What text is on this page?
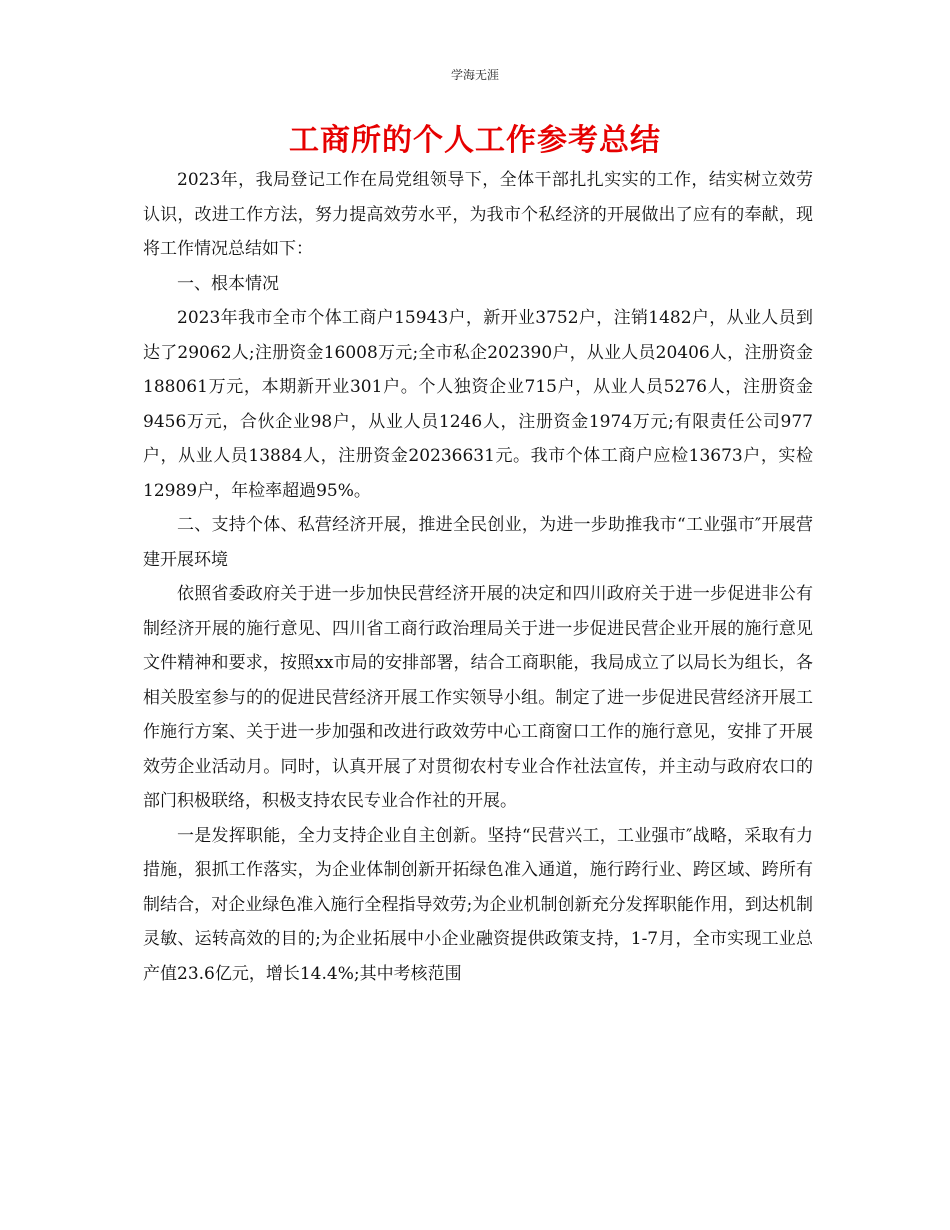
学海无涯
工商所的个人工作参考总结

2023年，我局登记工作在局党组领导下，全体干部扎扎实实的工作，结实树立效劳认识，改进工作方法，努力提高效劳水平，为我市个私经济的开展做出了应有的奉献，现将工作情况总结如下：

一、根本情况

2023年我市全市个体工商户15943户，新开业3752户，注销1482户，从业人员到达了29062人;注册资金16008万元;全市私企202390户，从业人员20406人，注册资金188061万元，本期新开业301户。个人独资企业715户，从业人员5276人，注册资金9456万元，合伙企业98户，从业人员1246人，注册资金1974万元;有限责任公司977户，从业人员13884人，注册资金20236631元。我市个体工商户应检13673户，实检12989户，年检率超過95%。

二、支持个体、私营经济开展，推进全民创业，为进一步助推我市“工业强市″开展营建开展环境

依照省委政府关于进一步加快民营经济开展的决定和四川政府关于进一步促进非公有制经济开展的施行意见、四川省工商行政治理局关于进一步促进民营企业开展的施行意见文件精神和要求，按照xx市局的安排部署，结合工商职能，我局成立了以局长为组长，各相关股室参与的的促进民营经济开展工作实领导小组。制定了进一步促进民营经济开展工作施行方案、关于进一步加强和改进行政效劳中心工商窗口工作的施行意见，安排了开展效劳企业活动月。同时，认真开展了对贯彻农村专业合作社法宣传，并主动与政府农口的部门积极联络，积极支持农民专业合作社的开展。

一是发挥职能，全力支持企业自主创新。坚持“民营兴工，工业强市″战略，采取有力措施，狠抓工作落实，为企业体制创新开拓绿色准入通道，施行跨行业、跨区域、跨所有制结合，对企业绿色准入施行全程指导效劳;为企业机制创新充分发挥职能作用，到达机制灵敏、运转高效的目的;为企业拓展中小企业融资提供政策支持，1-7月，全市实现工业总产值23.6亿元，增长14.4%;其中考核范围
